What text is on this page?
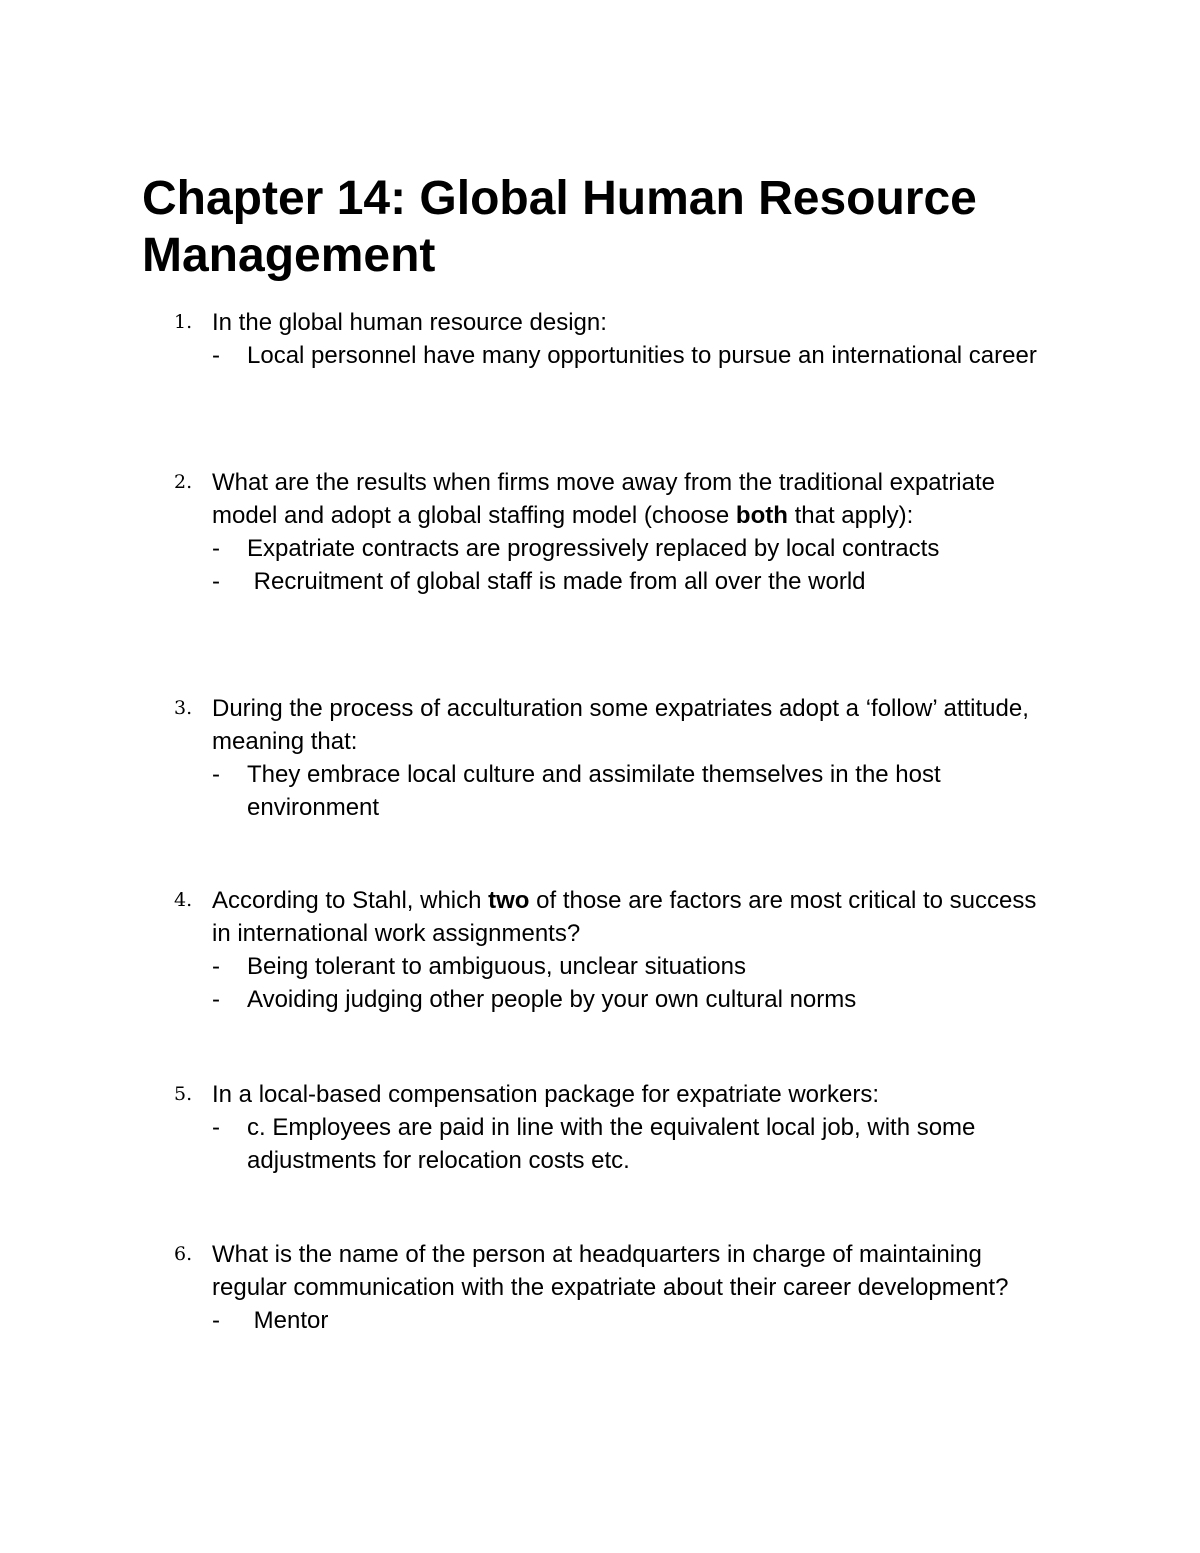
Chapter 14: Global Human Resource Management
1. In the global human resource design:
- Local personnel have many opportunities to pursue an international career
2. What are the results when firms move away from the traditional expatriate model and adopt a global staffing model (choose both that apply):
- Expatriate contracts are progressively replaced by local contracts
- Recruitment of global staff is made from all over the world
3. During the process of acculturation some expatriates adopt a ‘follow’ attitude, meaning that:
- They embrace local culture and assimilate themselves in the host environment
4. According to Stahl, which two of those are factors are most critical to success in international work assignments?
- Being tolerant to ambiguous, unclear situations
- Avoiding judging other people by your own cultural norms
5. In a local-based compensation package for expatriate workers:
- c. Employees are paid in line with the equivalent local job, with some adjustments for relocation costs etc.
6. What is the name of the person at headquarters in charge of maintaining regular communication with the expatriate about their career development?
- Mentor
